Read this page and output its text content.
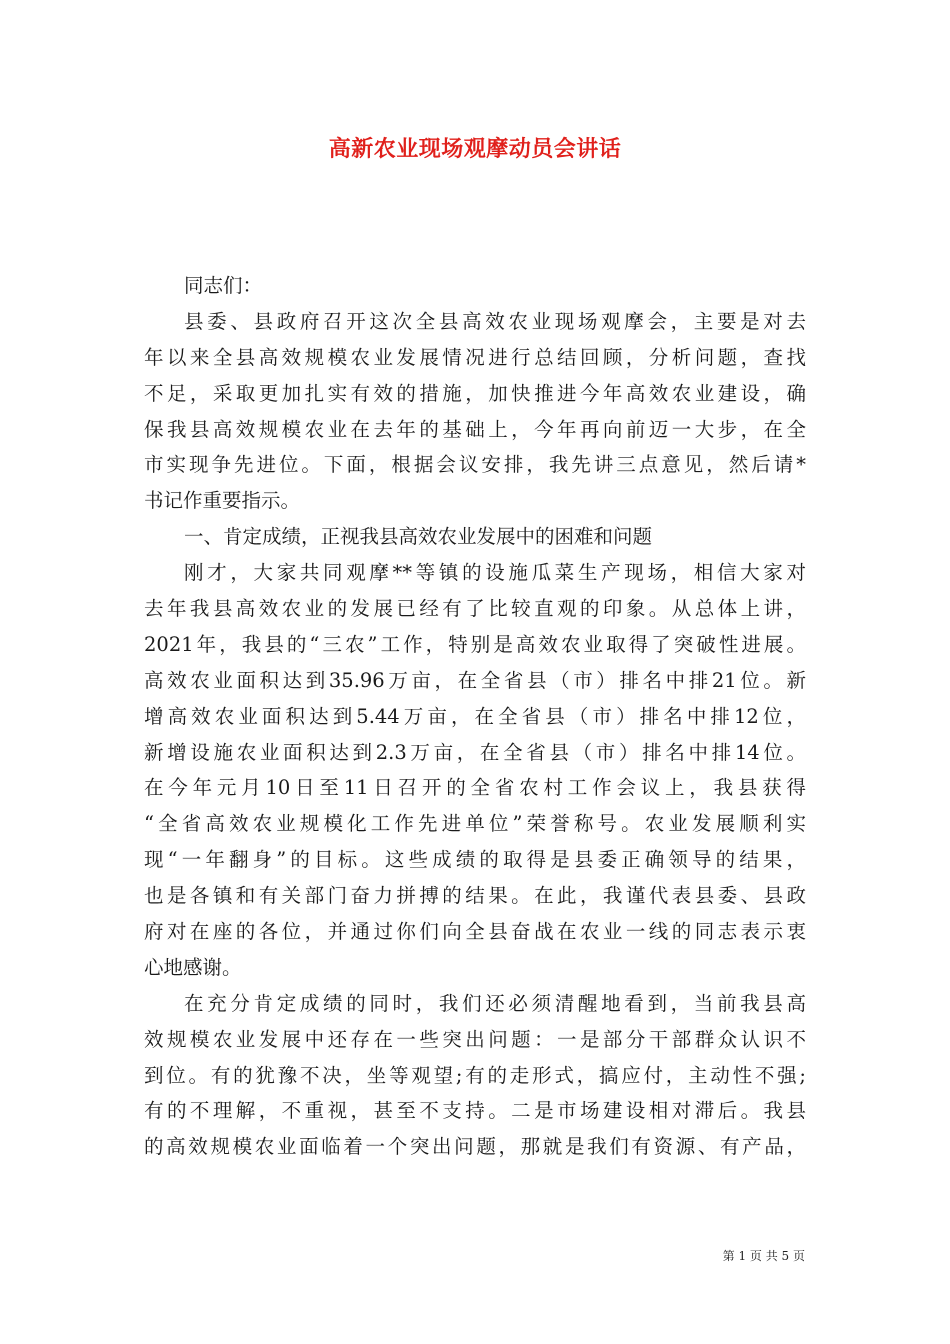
高新农业现场观摩动员会讲话
同志们：
县委、县政府召开这次全县高效农业现场观摩会，主要是对去
年以来全县高效规模农业发展情况进行总结回顾，分析问题，查找
不足，采取更加扎实有效的措施，加快推进今年高效农业建设，确
保我县高效规模农业在去年的基础上，今年再向前迈一大步，在全
市实现争先进位。下面，根据会议安排，我先讲三点意见，然后请*
书记作重要指示。
一、肯定成绩，正视我县高效农业发展中的困难和问题
刚才，大家共同观摩**等镇的设施瓜菜生产现场，相信大家对
去年我县高效农业的发展已经有了比较直观的印象。从总体上讲，
2021年，我县的“三农”工作，特别是高效农业取得了突破性进展。
高效农业面积达到35.96万亩，在全省县（市）排名中排21位。新
增高效农业面积达到5.44万亩，在全省县（市）排名中排12位，
新增设施农业面积达到2.3万亩，在全省县（市）排名中排14位。
在今年元月10日至11日召开的全省农村工作会议上，我县获得
“全省高效农业规模化工作先进单位”荣誉称号。农业发展顺利实
现“一年翻身”的目标。这些成绩的取得是县委正确领导的结果，
也是各镇和有关部门奋力拼搏的结果。在此，我谨代表县委、县政
府对在座的各位，并通过你们向全县奋战在农业一线的同志表示衷
心地感谢。
在充分肯定成绩的同时，我们还必须清醒地看到，当前我县高
效规模农业发展中还存在一些突出问题：一是部分干部群众认识不
到位。有的犹豫不决，坐等观望;有的走形式，搞应付，主动性不强;
有的不理解，不重视，甚至不支持。二是市场建设相对滞后。我县
的高效规模农业面临着一个突出问题，那就是我们有资源、有产品，
第 1 页 共 5 页
